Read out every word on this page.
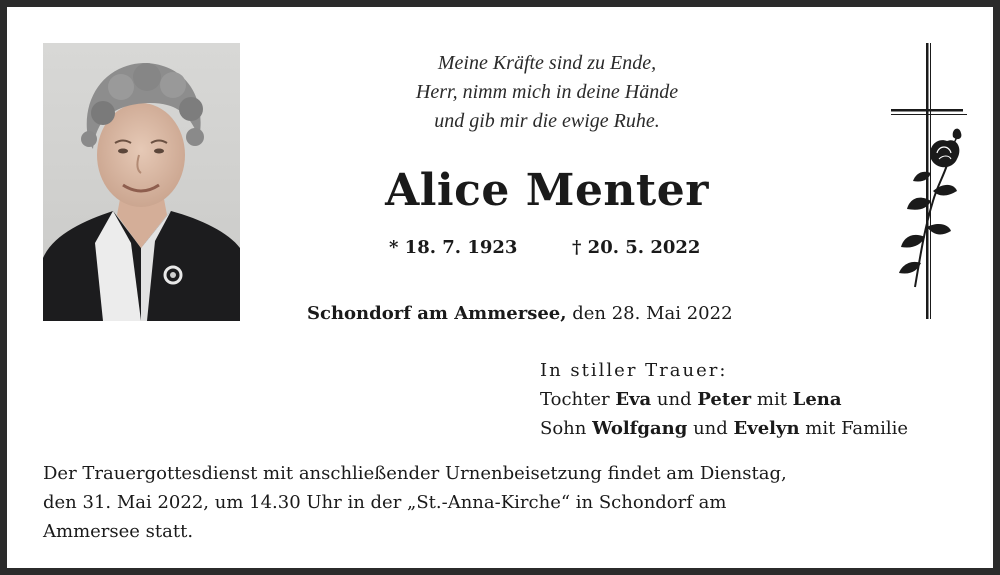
Meine Kräfte sind zu Ende,
Herr, nimm mich in deine Hände
und gib mir die ewige Ruhe.
Alice Menter
* 18. 7. 1923	† 20. 5. 2022
Schondorf am Ammersee, den 28. Mai 2022
In stiller Trauer:
Tochter Eva und Peter mit Lena
Sohn Wolfgang und Evelyn mit Familie
Der Trauergottesdienst mit anschließender Urnenbeisetzung findet am Dienstag,
den 31. Mai 2022, um 14.30 Uhr in der „St.-Anna-Kirche“ in Schondorf am
Ammersee statt.
